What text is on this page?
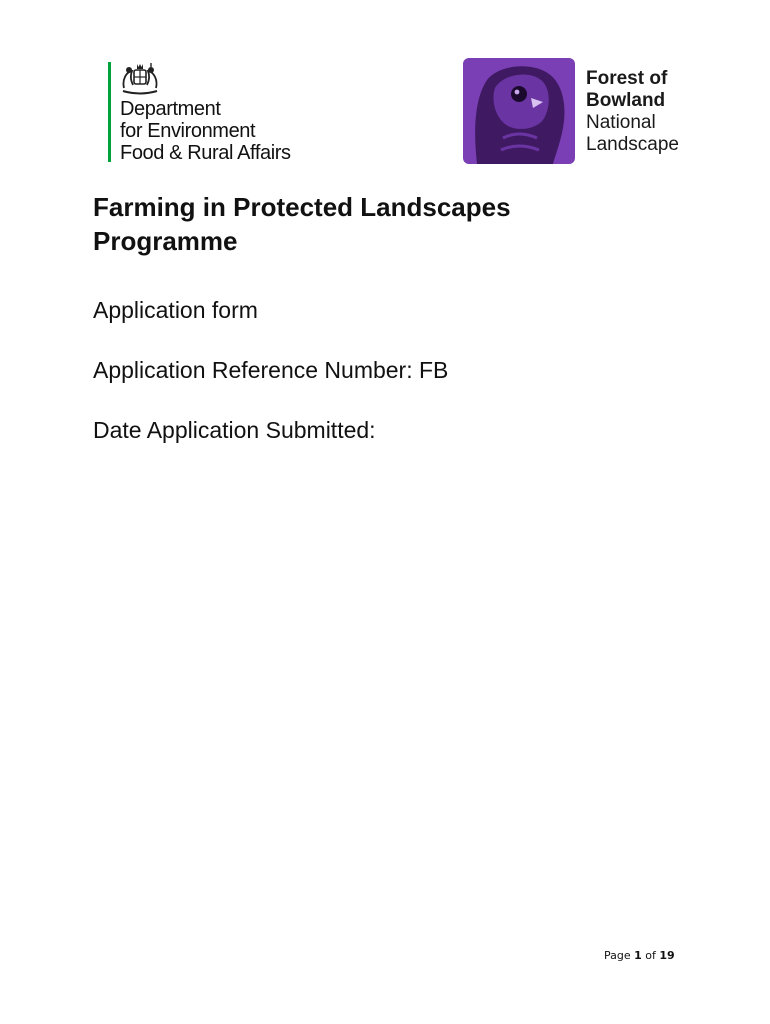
Department
for Environment
Food & Rural Affairs
Forest of
Bowland
National
Landscape
Farming in Protected Landscapes Programme

Application form

Application Reference Number: FB

Date Application Submitted:

Page 1 of 19
